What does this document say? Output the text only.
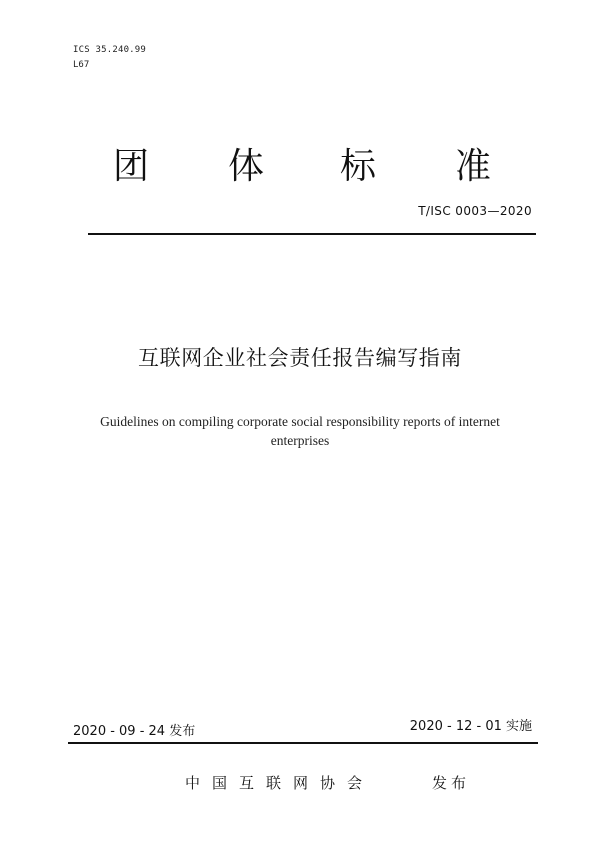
ICS 35.240.99
L67
团 体 标 准
T/ISC 0003—2020
互联网企业社会责任报告编写指南
Guidelines on compiling corporate social responsibility reports of internet
enterprises
2020 - 09 - 24 发布	2020 - 12 - 01 实施
中国互联网协会	发布
